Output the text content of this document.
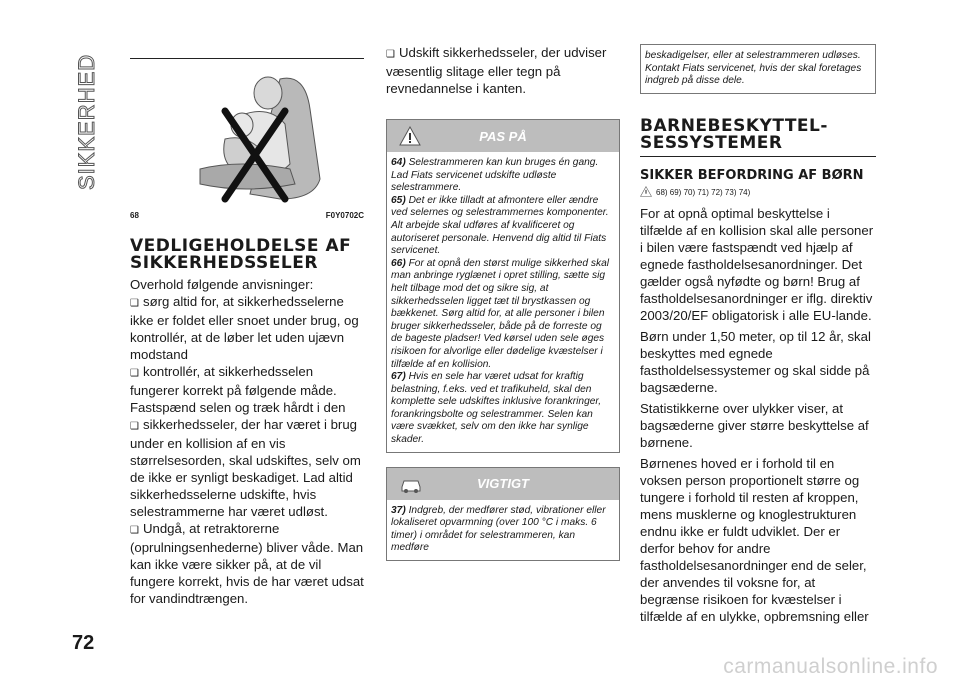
SIKKERHED
72
68	F0Y0702C
VEDLIGEHOLDELSE AF SIKKERHEDSSELER

Overhold følgende anvisninger:

❑ sørg altid for, at sikkerhedsselerne ikke er foldet eller snoet under brug, og kontrollér, at de løber let uden ujævn modstand

❑ kontrollér, at sikkerhedsselen fungerer korrekt på følgende måde. Fastspænd selen og træk hårdt i den

❑ sikkerhedsseler, der har været i brug under en kollision af en vis størrelsesorden, skal udskiftes, selv om de ikke er synligt beskadiget. Lad altid sikkerhedsselerne udskifte, hvis selestrammerne har været udløst.

❑ Undgå, at retraktorerne (oprulningsenhederne) bliver våde. Man kan ikke være sikker på, at de vil fungere korrekt, hvis de har været udsat for vandindtrængen.

❑ Udskift sikkerhedsseler, der udviser væsentlig slitage eller tegn på revnedannelse i kanten.

PAS PÅ
64) Selestrammeren kan kun bruges én gang. Lad Fiats servicenet udskifte udløste selestrammere.
65) Det er ikke tilladt at afmontere eller ændre ved selernes og selestrammernes komponenter. Alt arbejde skal udføres af kvalificeret og autoriseret personale. Henvend dig altid til Fiats servicenet.
66) For at opnå den størst mulige sikkerhed skal man anbringe ryglænet i opret stilling, sætte sig helt tilbage mod det og sikre sig, at sikkerhedsselen ligget tæt til brystkassen og bækkenet. Sørg altid for, at alle personer i bilen bruger sikkerhedsseler, både på de forreste og de bageste pladser! Ved kørsel uden sele øges risikoen for alvorlige eller dødelige kvæstelser i tilfælde af en kollision.
67) Hvis en sele har været udsat for kraftig belastning, f.eks. ved et trafikuheld, skal den komplette sele udskiftes inklusive forankringer, forankringsbolte og selestrammer. Selen kan være svækket, selv om den ikke har synlige skader.
VIGTIGT
37) Indgreb, der medfører stød, vibrationer eller lokaliseret opvarmning (over 100 °C i maks. 6 timer) i området for selestrammeren, kan medføre
beskadigelser, eller at selestrammeren udløses. Kontakt Fiats servicenet, hvis der skal foretages indgreb på disse dele.
BARNEBESKYTTEL-SESSYSTEMER
SIKKER BEFORDRING AF BØRN
68) 69) 70) 71) 72) 73) 74)

For at opnå optimal beskyttelse i tilfælde af en kollision skal alle personer i bilen være fastspændt ved hjælp af egnede fastholdelsesanordninger. Det gælder også nyfødte og børn! Brug af fastholdelsesanordninger er iflg. direktiv 2003/20/EF obligatorisk i alle EU-lande.

Børn under 1,50 meter, op til 12 år, skal beskyttes med egnede fastholdelsessystemer og skal sidde på bagsæderne.

Statistikkerne over ulykker viser, at bagsæderne giver større beskyttelse af børnene.

Børnenes hoved er i forhold til en voksen person proportionelt større og tungere i forhold til resten af kroppen, mens musklerne og knoglestrukturen endnu ikke er fuldt udviklet. Der er derfor behov for andre fastholdelsesanordninger end de seler, der anvendes til voksne for, at begrænse risikoen for kvæstelser i tilfælde af en ulykke, opbremsning eller

carmanualsonline.info
